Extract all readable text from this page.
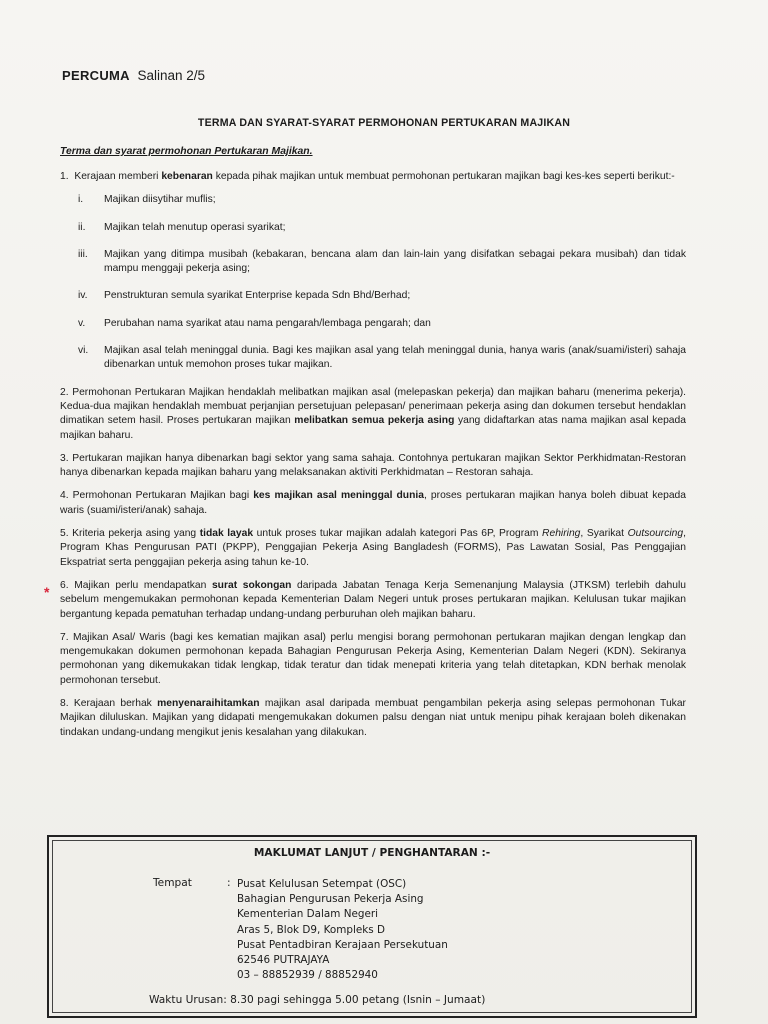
PERCUMA Salinan 2/5
TERMA DAN SYARAT-SYARAT PERMOHONAN PERTUKARAN MAJIKAN
Terma dan syarat permohonan Pertukaran Majikan.

1. Kerajaan memberi kebenaran kepada pihak majikan untuk membuat permohonan pertukaran majikan bagi kes-kes seperti berikut:-

i.	Majikan diisytihar muflis;
ii.	Majikan telah menutup operasi syarikat;
iii.	Majikan yang ditimpa musibah (kebakaran, bencana alam dan lain-lain yang disifatkan sebagai pekara musibah) dan tidak mampu menggaji pekerja asing;
iv.	Penstrukturan semula syarikat Enterprise kepada Sdn Bhd/Berhad;
v.	Perubahan nama syarikat atau nama pengarah/lembaga pengarah; dan
vi.	Majikan asal telah meninggal dunia. Bagi kes majikan asal yang telah meninggal dunia, hanya waris (anak/suami/isteri) sahaja dibenarkan untuk memohon proses tukar majikan.

2. Permohonan Pertukaran Majikan hendaklah melibatkan majikan asal (melepaskan pekerja) dan majikan baharu (menerima pekerja). Kedua-dua majikan hendaklah membuat perjanjian persetujuan pelepasan/ penerimaan pekerja asing dan dokumen tersebut hendaklan dimatikan setem hasil. Proses pertukaran majikan melibatkan semua pekerja asing yang didaftarkan atas nama majikan asal kepada majikan baharu.

3. Pertukaran majikan hanya dibenarkan bagi sektor yang sama sahaja. Contohnya pertukaran majikan Sektor Perkhidmatan-Restoran hanya dibenarkan kepada majikan baharu yang melaksanakan aktiviti Perkhidmatan – Restoran sahaja.

4. Permohonan Pertukaran Majikan bagi kes majikan asal meninggal dunia, proses pertukaran majikan hanya boleh dibuat kepada waris (suami/isteri/anak) sahaja.

5. Kriteria pekerja asing yang tidak layak untuk proses tukar majikan adalah kategori Pas 6P, Program Rehiring, Syarikat Outsourcing, Program Khas Pengurusan PATI (PKPP), Penggajian Pekerja Asing Bangladesh (FORMS), Pas Lawatan Sosial, Pas Penggajian Ekspatriat serta penggajian pekerja asing tahun ke-10.

6. Majikan perlu mendapatkan surat sokongan daripada Jabatan Tenaga Kerja Semenanjung Malaysia (JTKSM) terlebih dahulu sebelum mengemukakan permohonan kepada Kementerian Dalam Negeri untuk proses pertukaran majikan. Kelulusan tukar majikan bergantung kepada pematuhan terhadap undang-undang perburuhan oleh majikan baharu.

7. Majikan Asal/ Waris (bagi kes kematian majikan asal) perlu mengisi borang permohonan pertukaran majikan dengan lengkap dan mengemukakan dokumen permohonan kepada Bahagian Pengurusan Pekerja Asing, Kementerian Dalam Negeri (KDN). Sekiranya permohonan yang dikemukakan tidak lengkap, tidak teratur dan tidak menepati kriteria yang telah ditetapkan, KDN berhak menolak permohonan tersebut.

8. Kerajaan berhak menyenaraihitamkan majikan asal daripada membuat pengambilan pekerja asing selepas permohonan Tukar Majikan diluluskan. Majikan yang didapati mengemukakan dokumen palsu dengan niat untuk menipu pihak kerajaan boleh dikenakan tindakan undang-undang mengikut jenis kesalahan yang dilakukan.

*
MAKLUMAT LANJUT / PENGHANTARAN :-
Tempat	: Pusat Kelulusan Setempat (OSC)
Bahagian Pengurusan Pekerja Asing
Kementerian Dalam Negeri
Aras 5, Blok D9, Kompleks D
Pusat Pentadbiran Kerajaan Persekutuan
62546 PUTRAJAYA
03 – 88852939 / 88852940
Waktu Urusan: 8.30 pagi sehingga 5.00 petang (Isnin – Jumaat)
